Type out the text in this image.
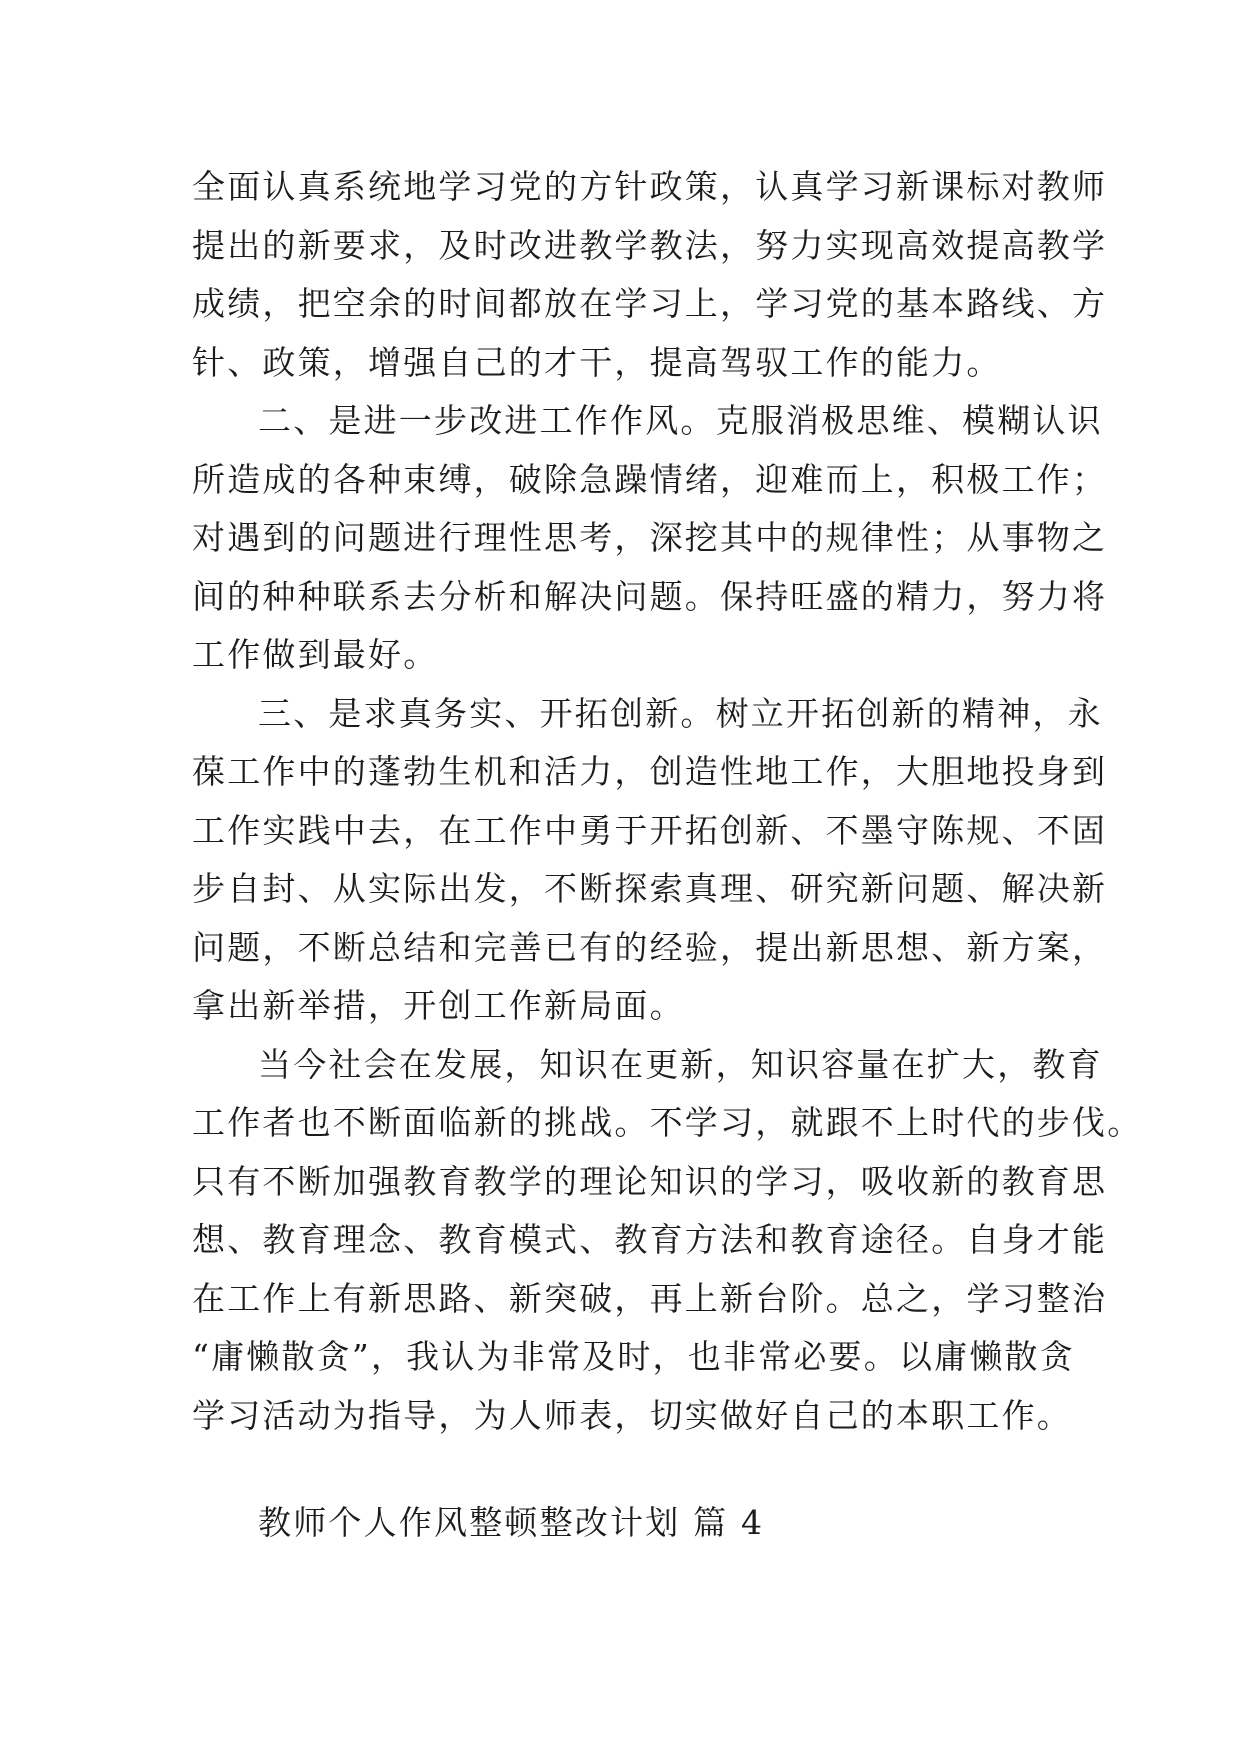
全面认真系统地学习党的方针政策，认真学习新课标对教师
提出的新要求，及时改进教学教法，努力实现高效提高教学
成绩，把空余的时间都放在学习上，学习党的基本路线、方
针、政策，增强自己的才干，提高驾驭工作的能力。
二、是进一步改进工作作风。克服消极思维、模糊认识
所造成的各种束缚，破除急躁情绪，迎难而上，积极工作；
对遇到的问题进行理性思考，深挖其中的规律性；从事物之
间的种种联系去分析和解决问题。保持旺盛的精力，努力将
工作做到最好。
三、是求真务实、开拓创新。树立开拓创新的精神，永
葆工作中的蓬勃生机和活力，创造性地工作，大胆地投身到
工作实践中去，在工作中勇于开拓创新、不墨守陈规、不固
步自封、从实际出发，不断探索真理、研究新问题、解决新
问题，不断总结和完善已有的经验，提出新思想、新方案，
拿出新举措，开创工作新局面。
当今社会在发展，知识在更新，知识容量在扩大，教育
工作者也不断面临新的挑战。不学习，就跟不上时代的步伐。
只有不断加强教育教学的理论知识的学习，吸收新的教育思
想、教育理念、教育模式、教育方法和教育途径。自身才能
在工作上有新思路、新突破，再上新台阶。总之，学习整治
“庸懒散贪”，我认为非常及时，也非常必要。以庸懒散贪
学习活动为指导，为人师表，切实做好自己的本职工作。
教师个人作风整顿整改计划 篇 4
